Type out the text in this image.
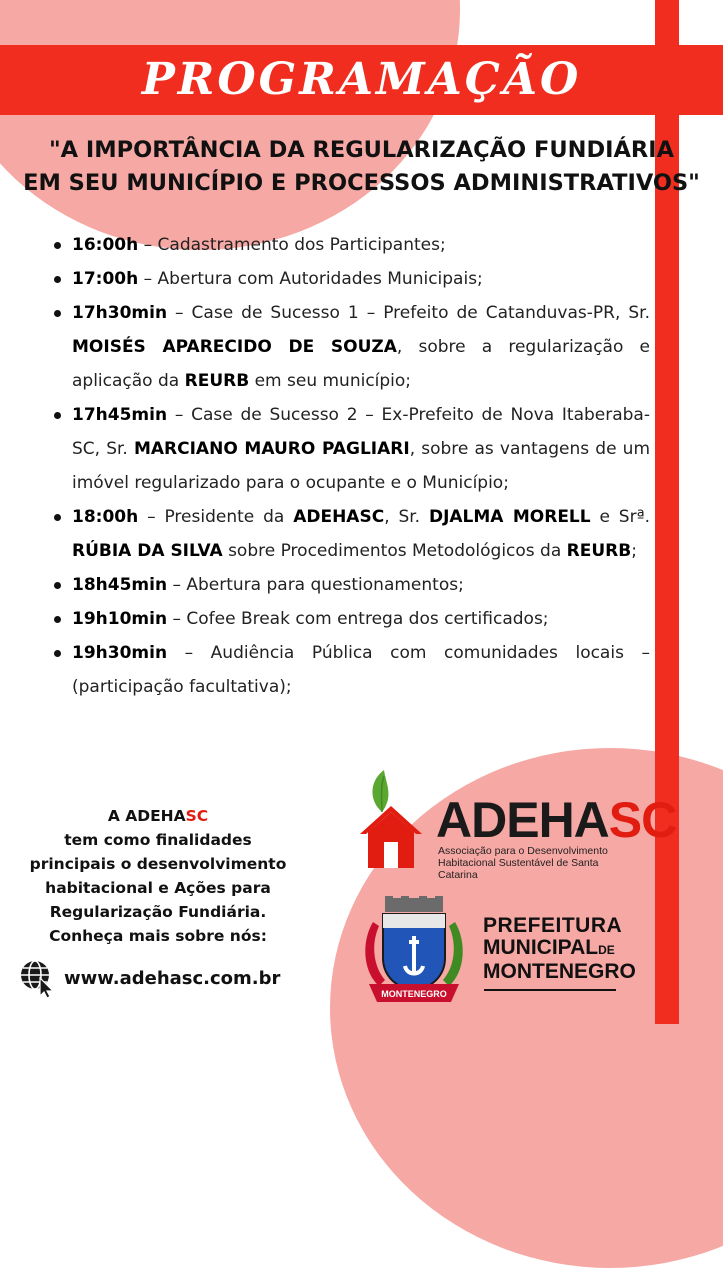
PROGRAMAÇÃO
"A IMPORTÂNCIA DA REGULARIZAÇÃO FUNDIÁRIA
EM SEU MUNICÍPIO E PROCESSOS ADMINISTRATIVOS"
16:00h – Cadastramento dos Participantes;
17:00h – Abertura com Autoridades Municipais;
17h30min – Case de Sucesso 1 – Prefeito de Catanduvas-PR, Sr. MOISÉS APARECIDO DE SOUZA, sobre a regularização e aplicação da REURB em seu município;
17h45min – Case de Sucesso 2 – Ex-Prefeito de Nova Itaberaba-SC, Sr. MARCIANO MAURO PAGLIARI, sobre as vantagens de um imóvel regularizado para o ocupante e o Município;
18:00h – Presidente da ADEHASC, Sr. DJALMA MORELL e Srª. RÚBIA DA SILVA sobre Procedimentos Metodológicos da REURB;
18h45min – Abertura para questionamentos;
19h10min – Cofee Break com entrega dos certificados;
19h30min – Audiência Pública com comunidades locais – (participação facultativa);
A ADEHASC
tem como finalidades
principais o desenvolvimento
habitacional e Ações para
Regularização Fundiária.
Conheça mais sobre nós:
www.adehasc.com.br
ADEHASC
Associação para o Desenvolvimento
Habitacional Sustentável de Santa Catarina
MONTENEGRO
PREFEITURA
MUNICIPALDE
MONTENEGRO
